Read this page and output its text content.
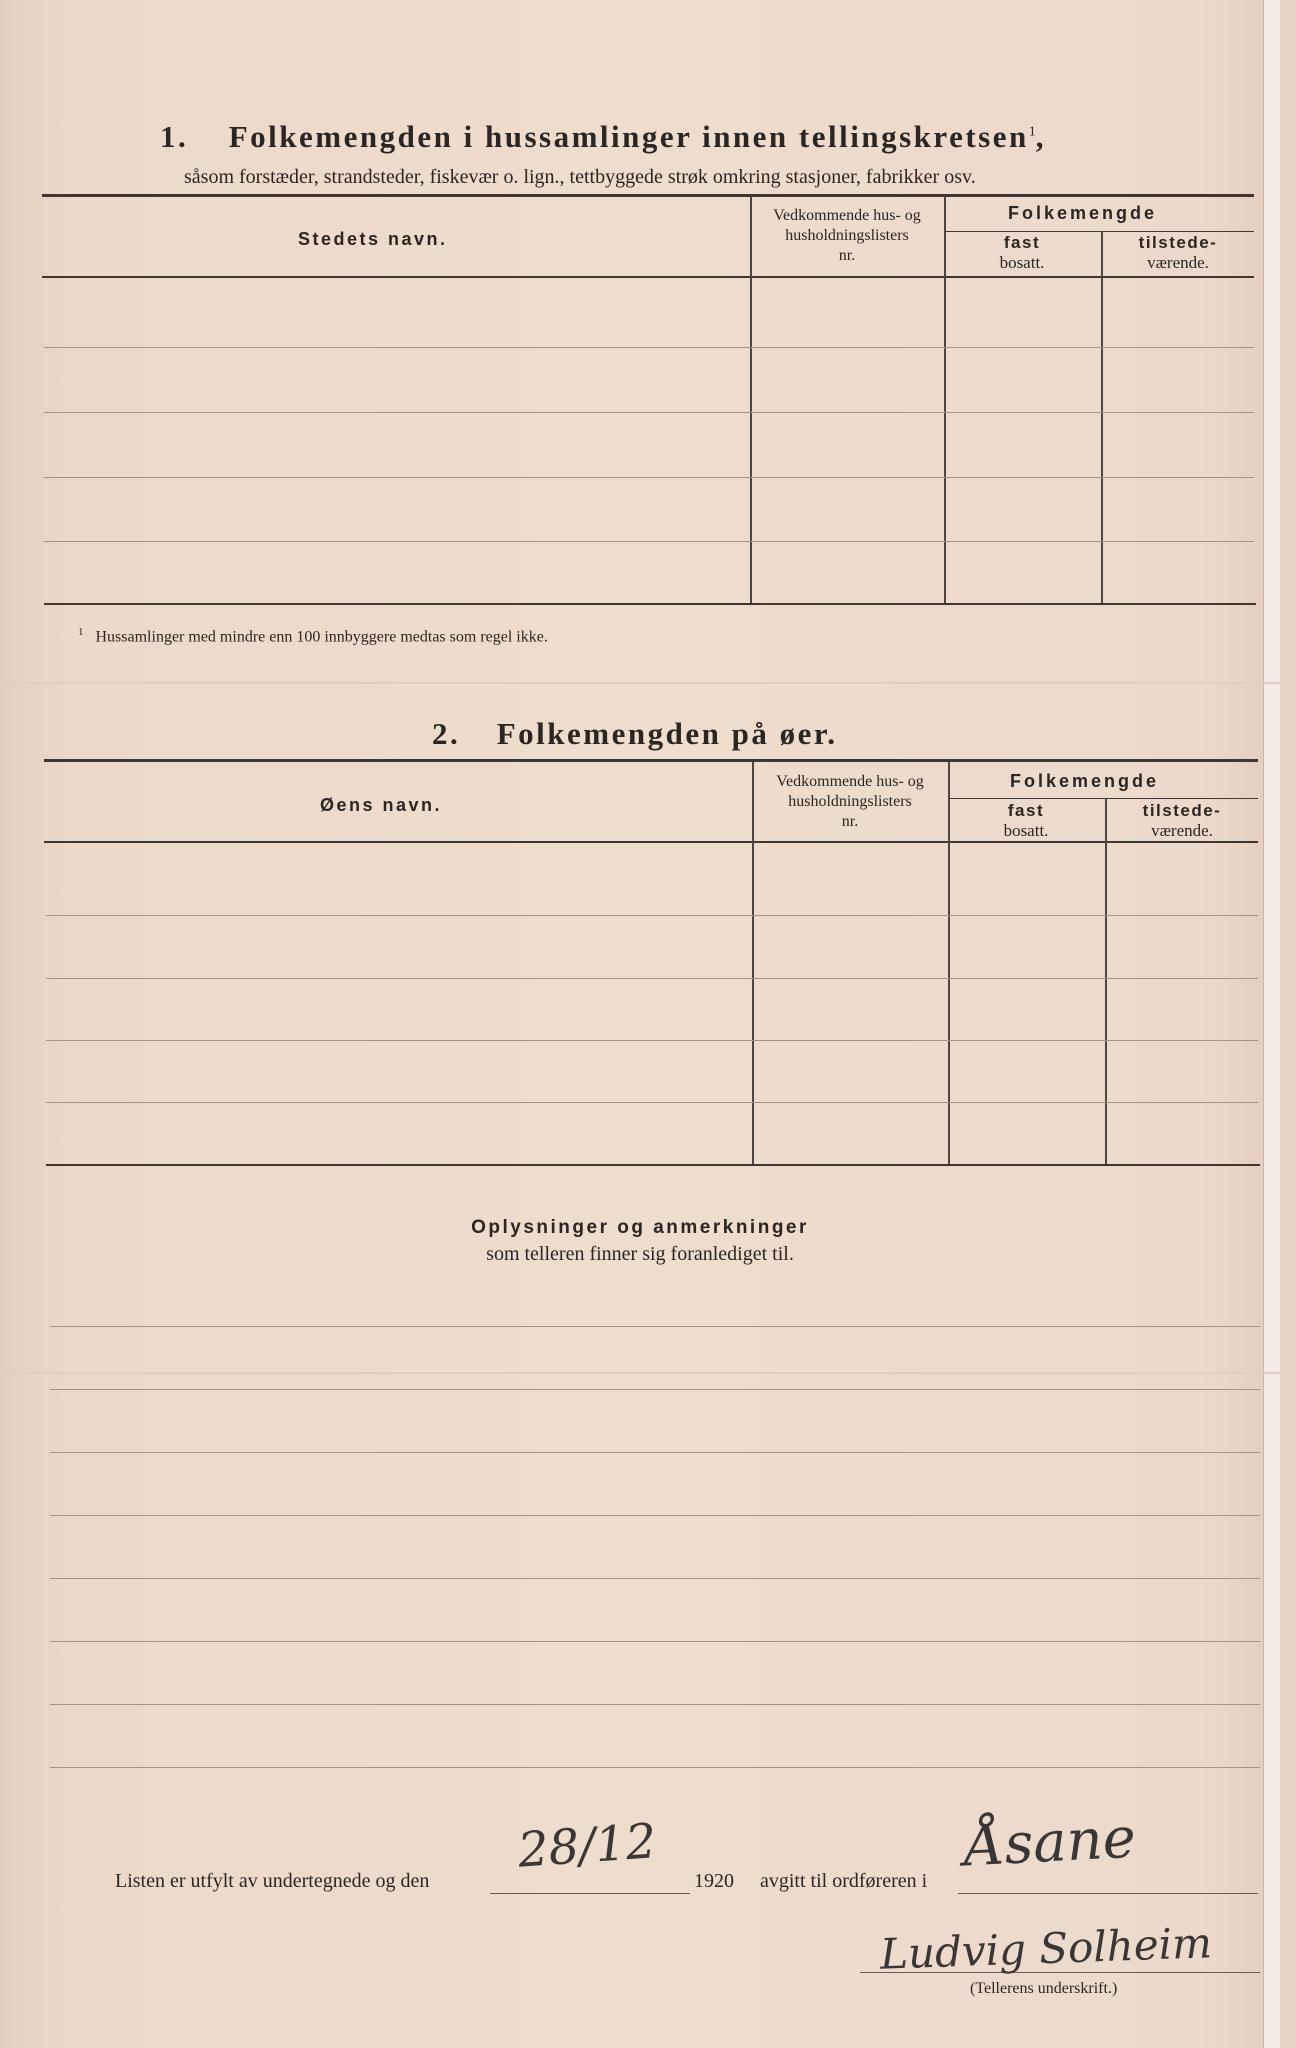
1. Folkemengden i hussamlinger innen tellingskretsen$^1$,
såsom forstæder, strandsteder, fiskevær o. lign., tettbyggede strøk omkring stasjoner, fabrikker osv.
Stedets navn.
Vedkommende hus- og
husholdningslisters
nr.
Folkemengde
fast
bosatt.
tilstede-
værende.
$^1$ Hussamlinger med mindre enn 100 innbyggere medtas som regel ikke.
2. Folkemengden på øer.
Øens navn.
Vedkommende hus- og
husholdningslisters
nr.
Folkemengde
fast
bosatt.
tilstede-
værende.
Oplysninger og anmerkninger
som telleren finner sig foranlediget til.
Listen er utfylt av undertegnede og den
28/12
1920 avgitt til ordføreren i
Åsane
Ludvig Solheim
(Tellerens underskrift.)
